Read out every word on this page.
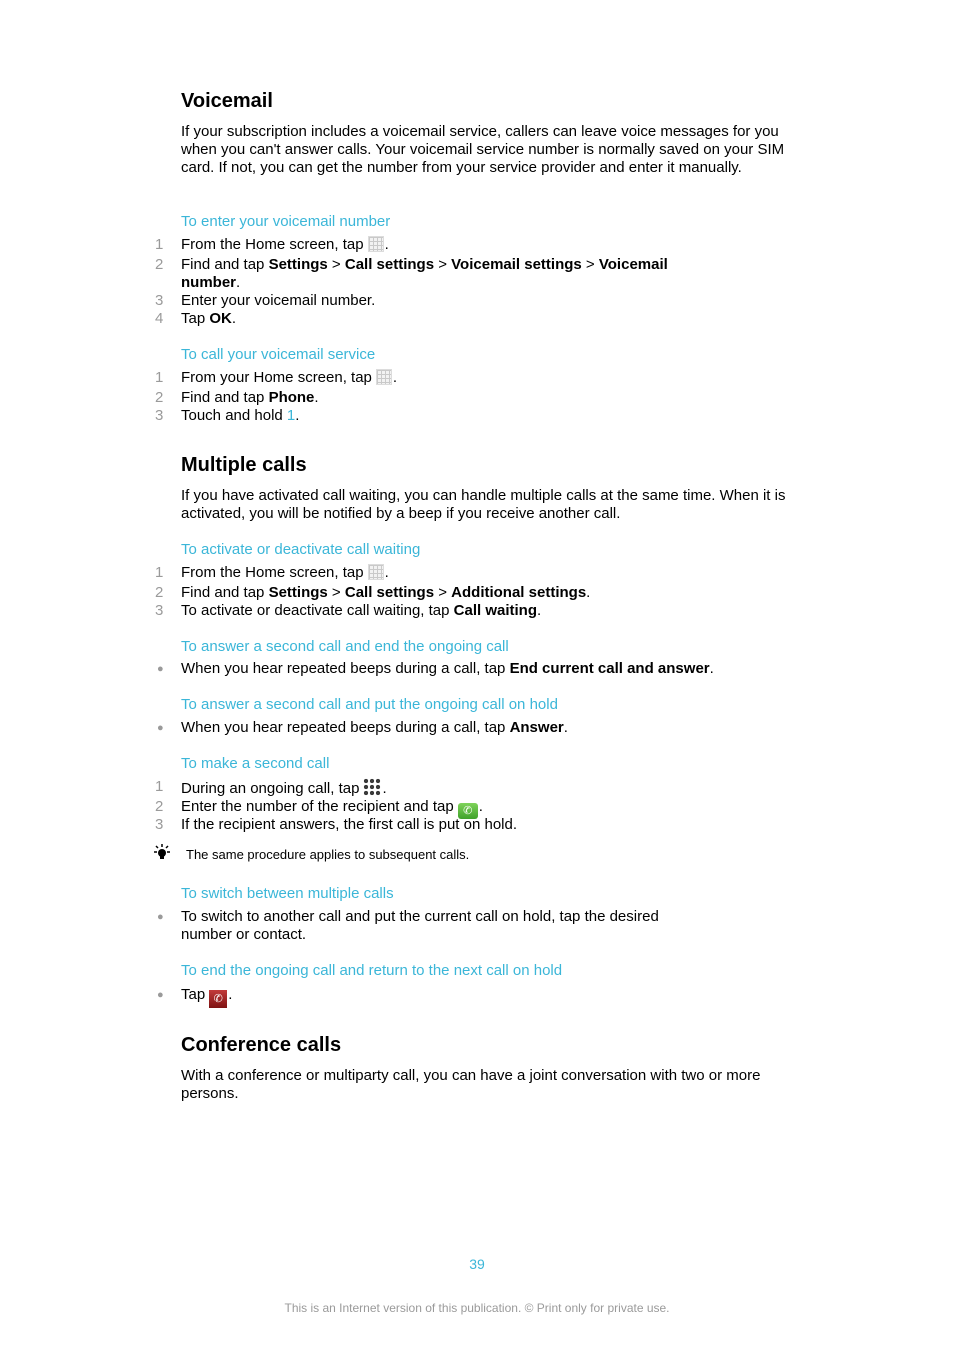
Voicemail

If your subscription includes a voicemail service, callers can leave voice messages for you when you can't answer calls. Your voicemail service number is normally saved on your SIM card. If not, you can get the number from your service provider and enter it manually.

To enter your voicemail number

1	From the Home screen, tap .
2	Find and tap Settings > Call settings > Voicemail settings > Voicemail number.
3	Enter your voicemail number.
4	Tap OK.

To call your voicemail service

1	From your Home screen, tap .
2	Find and tap Phone.
3	Touch and hold 1.
Multiple calls

If you have activated call waiting, you can handle multiple calls at the same time. When it is activated, you will be notified by a beep if you receive another call.

To activate or deactivate call waiting

1	From the Home screen, tap .
2	Find and tap Settings > Call settings > Additional settings.
3	To activate or deactivate call waiting, tap Call waiting.

To answer a second call and end the ongoing call

●	When you hear repeated beeps during a call, tap End current call and answer.

To answer a second call and put the ongoing call on hold

●	When you hear repeated beeps during a call, tap Answer.

To make a second call

1	During an ongoing call, tap .
2	Enter the number of the recipient and tap ✆ .
3	If the recipient answers, the first call is put on hold.

The same procedure applies to subsequent calls.

To switch between multiple calls

●	To switch to another call and put the current call on hold, tap the desired number or contact.

To end the ongoing call and return to the next call on hold

●	Tap ✆ .
Conference calls

With a conference or multiparty call, you can have a joint conversation with two or more persons.

39
This is an Internet version of this publication. © Print only for private use.
